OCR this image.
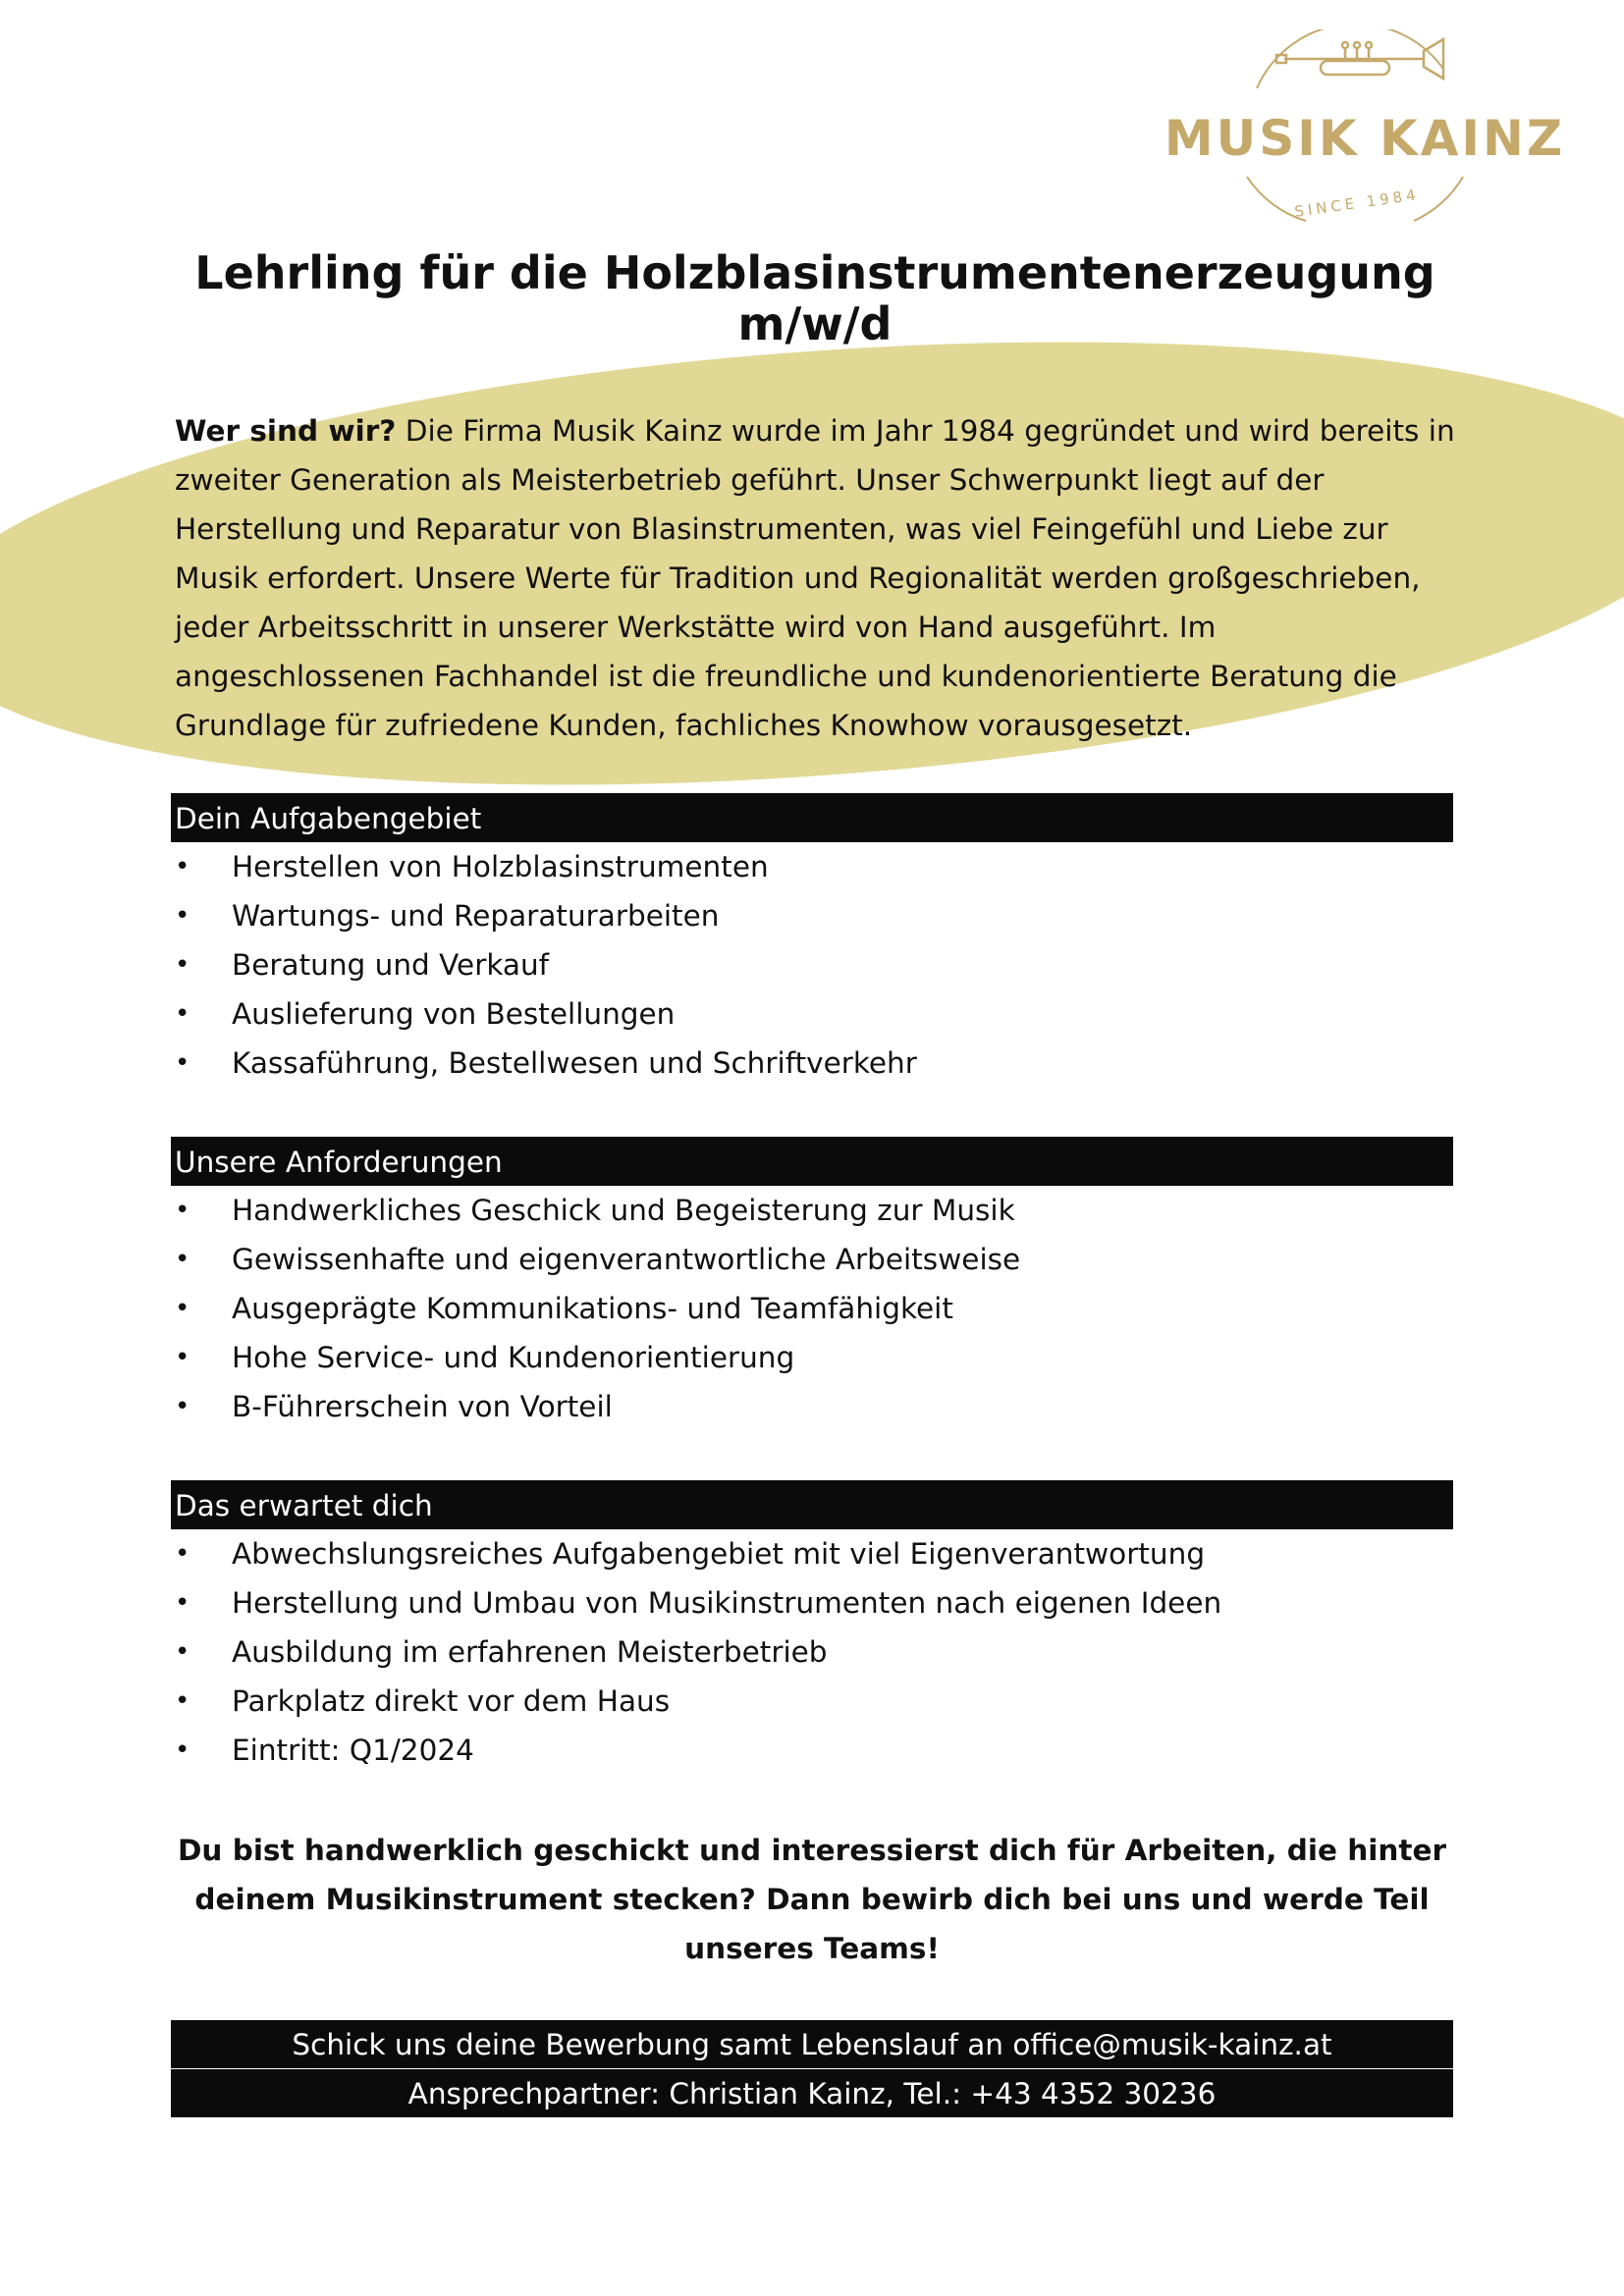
MUSIK KAINZ
SINCE 1984
Lehrling für die Holzblasinstrumentenerzeugung
m/w/d

Wer sind wir? Die Firma Musik Kainz wurde im Jahr 1984 gegründet und wird bereits in zweiter Generation als Meisterbetrieb geführt. Unser Schwerpunkt liegt auf der Herstellung und Reparatur von Blasinstrumenten, was viel Feingefühl und Liebe zur Musik erfordert. Unsere Werte für Tradition und Regionalität werden großgeschrieben, jeder Arbeitsschritt in unserer Werkstätte wird von Hand ausgeführt. Im angeschlossenen Fachhandel ist die freundliche und kundenorientierte Beratung die Grundlage für zufriedene Kunden, fachliches Knowhow vorausgesetzt.

Dein Aufgabengebiet
•	Herstellen von Holzblasinstrumenten
•	Wartungs- und Reparaturarbeiten
•	Beratung und Verkauf
•	Auslieferung von Bestellungen
•	Kassaführung, Bestellwesen und Schriftverkehr
Unsere Anforderungen
•	Handwerkliches Geschick und Begeisterung zur Musik
•	Gewissenhafte und eigenverantwortliche Arbeitsweise
•	Ausgeprägte Kommunikations- und Teamfähigkeit
•	Hohe Service- und Kundenorientierung
•	B-Führerschein von Vorteil
Das erwartet dich
•	Abwechslungsreiches Aufgabengebiet mit viel Eigenverantwortung
•	Herstellung und Umbau von Musikinstrumenten nach eigenen Ideen
•	Ausbildung im erfahrenen Meisterbetrieb
•	Parkplatz direkt vor dem Haus
•	Eintritt: Q1/2024

Du bist handwerklich geschickt und interessierst dich für Arbeiten, die hinter deinem Musikinstrument stecken? Dann bewirb dich bei uns und werde Teil unseres Teams!

Schick uns deine Bewerbung samt Lebenslauf an office@musik-kainz.at
Ansprechpartner: Christian Kainz, Tel.: +43 4352 30236
